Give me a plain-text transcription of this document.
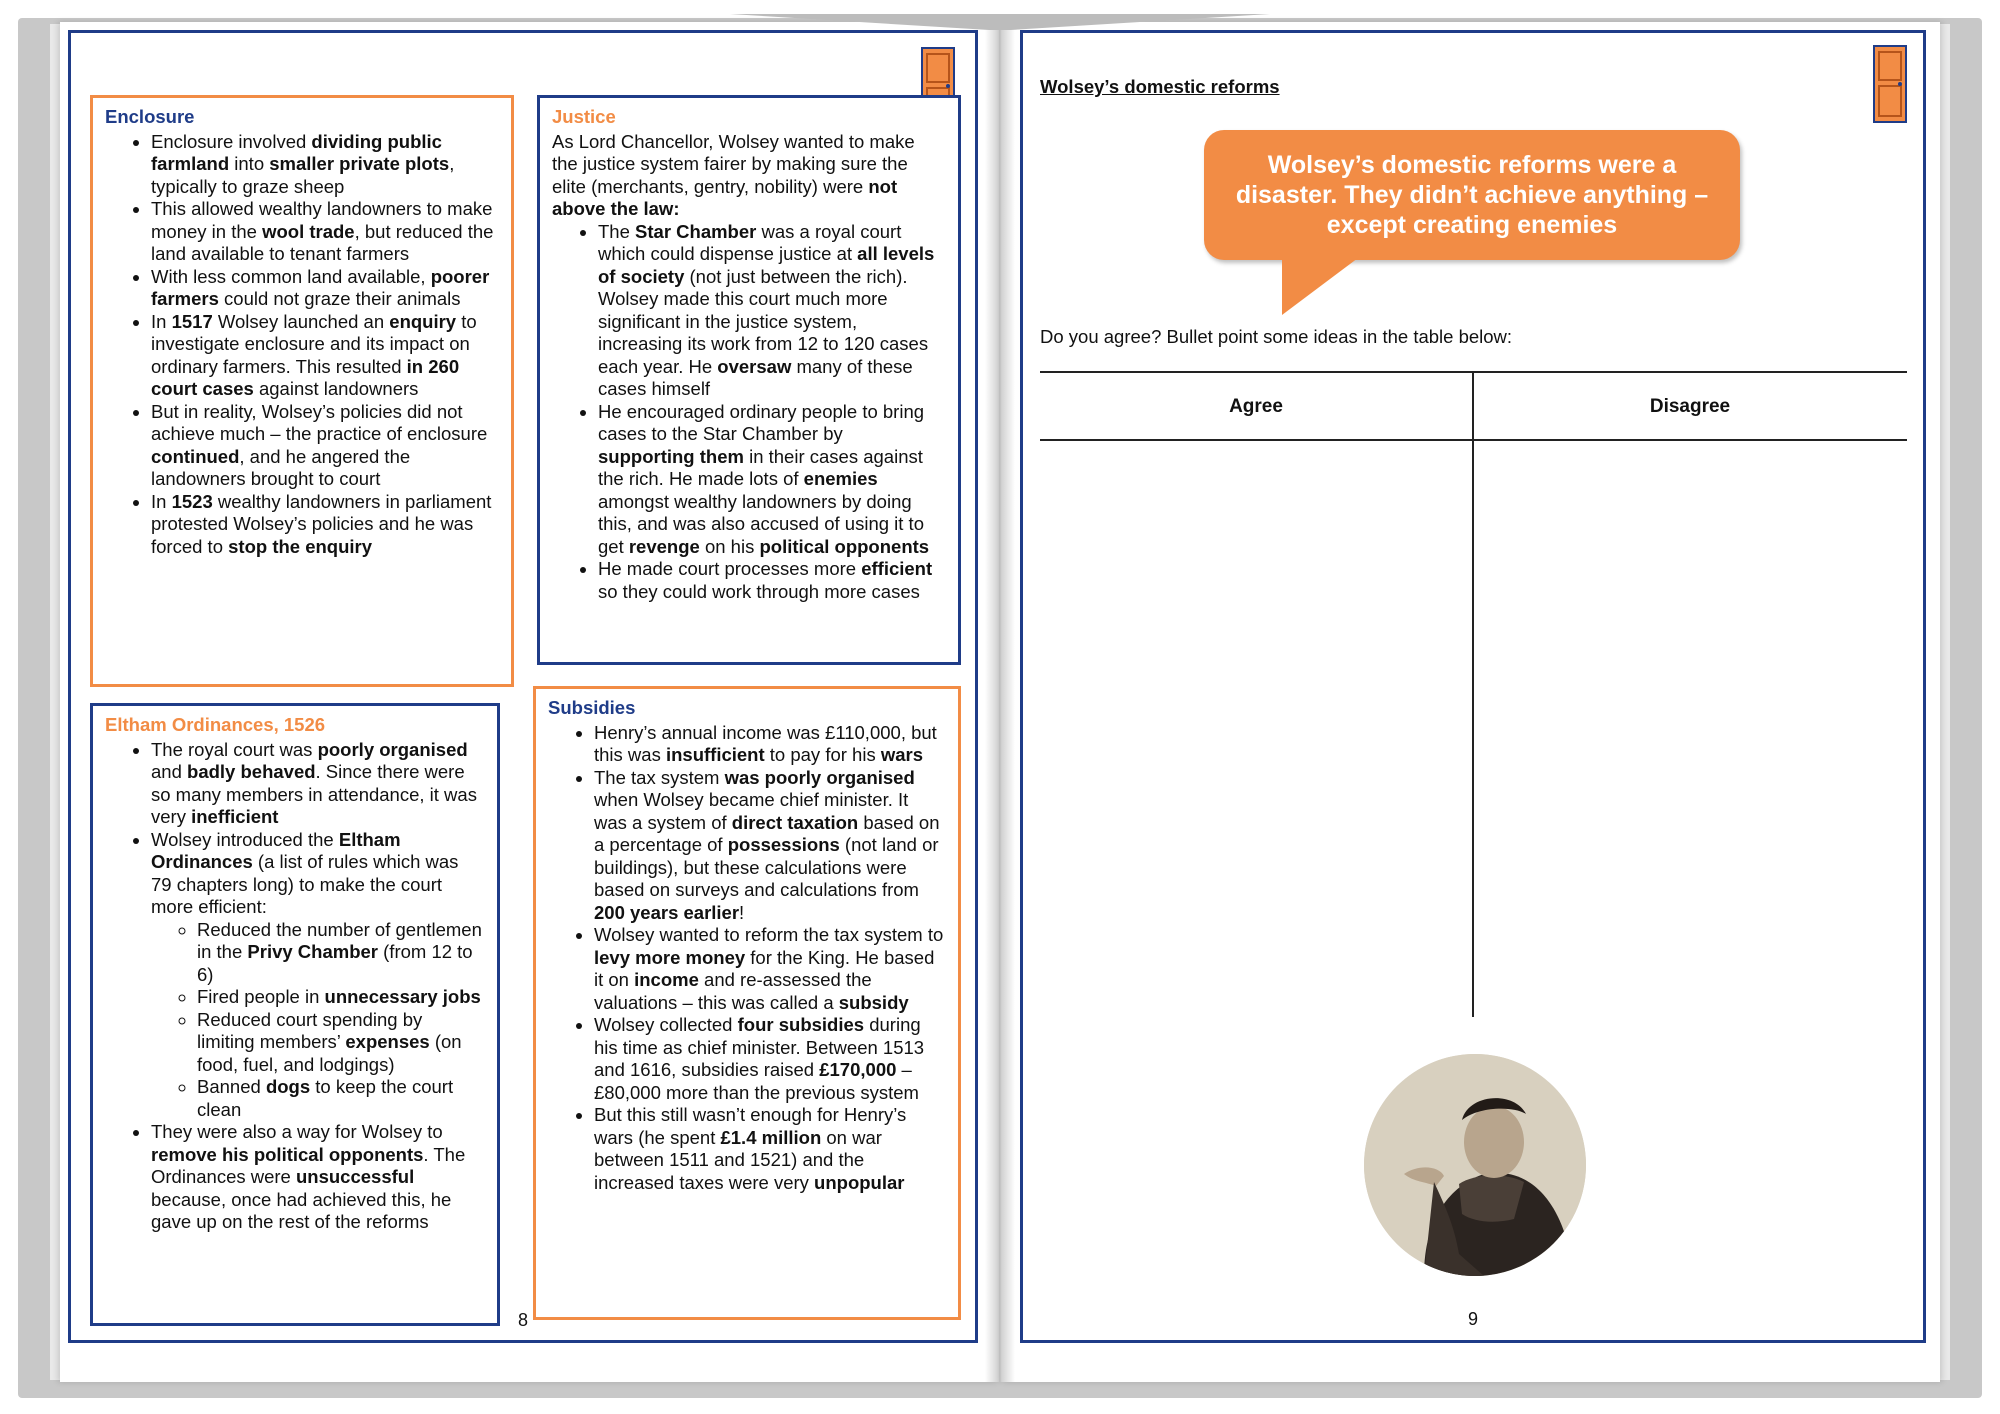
Enclosure
• Enclosure involved dividing public farmland into smaller private plots, typically to graze sheep
• This allowed wealthy landowners to make money in the wool trade, but reduced the land available to tenant farmers
• With less common land available, poorer farmers could not graze their animals
• In 1517 Wolsey launched an enquiry to investigate enclosure and its impact on ordinary farmers. This resulted in 260 court cases against landowners
• But in reality, Wolsey’s policies did not achieve much – the practice of enclosure continued, and he angered the landowners brought to court
• In 1523 wealthy landowners in parliament protested Wolsey’s policies and he was forced to stop the enquiry
Justice

As Lord Chancellor, Wolsey wanted to make the justice system fairer by making sure the elite (merchants, gentry, nobility) were not above the law:

• The Star Chamber was a royal court which could dispense justice at all levels of society (not just between the rich). Wolsey made this court much more significant in the justice system, increasing its work from 12 to 120 cases each year. He oversaw many of these cases himself
• He encouraged ordinary people to bring cases to the Star Chamber by supporting them in their cases against the rich. He made lots of enemies amongst wealthy landowners by doing this, and was also accused of using it to get revenge on his political opponents
• He made court processes more efficient so they could work through more cases
Eltham Ordinances, 1526
• The royal court was poorly organised and badly behaved. Since there were so many members in attendance, it was very inefficient
• Wolsey introduced the Eltham Ordinances (a list of rules which was 79 chapters long) to make the court more efficient:
◦ Reduced the number of gentlemen in the Privy Chamber (from 12 to 6)
◦ Fired people in unnecessary jobs
◦ Reduced court spending by limiting members’ expenses (on food, fuel, and lodgings)
◦ Banned dogs to keep the court clean
• They were also a way for Wolsey to remove his political opponents. The Ordinances were unsuccessful because, once had achieved this, he gave up on the rest of the reforms
Subsidies
• Henry’s annual income was £110,000, but this was insufficient to pay for his wars
• The tax system was poorly organised when Wolsey became chief minister. It was a system of direct taxation based on a percentage of possessions (not land or buildings), but these calculations were based on surveys and calculations from 200 years earlier!
• Wolsey wanted to reform the tax system to levy more money for the King. He based it on income and re-assessed the valuations – this was called a subsidy
• Wolsey collected four subsidies during his time as chief minister. Between 1513 and 1616, subsidies raised £170,000 – £80,000 more than the previous system
• But this still wasn’t enough for Henry’s wars (he spent £1.4 million on war between 1511 and 1521) and the increased taxes were very unpopular
8
Wolsey’s domestic reforms
Wolsey’s domestic reforms were a disaster. They didn’t achieve anything – except creating enemies
Do you agree? Bullet point some ideas in the table below:
Agree	Disagree
9
